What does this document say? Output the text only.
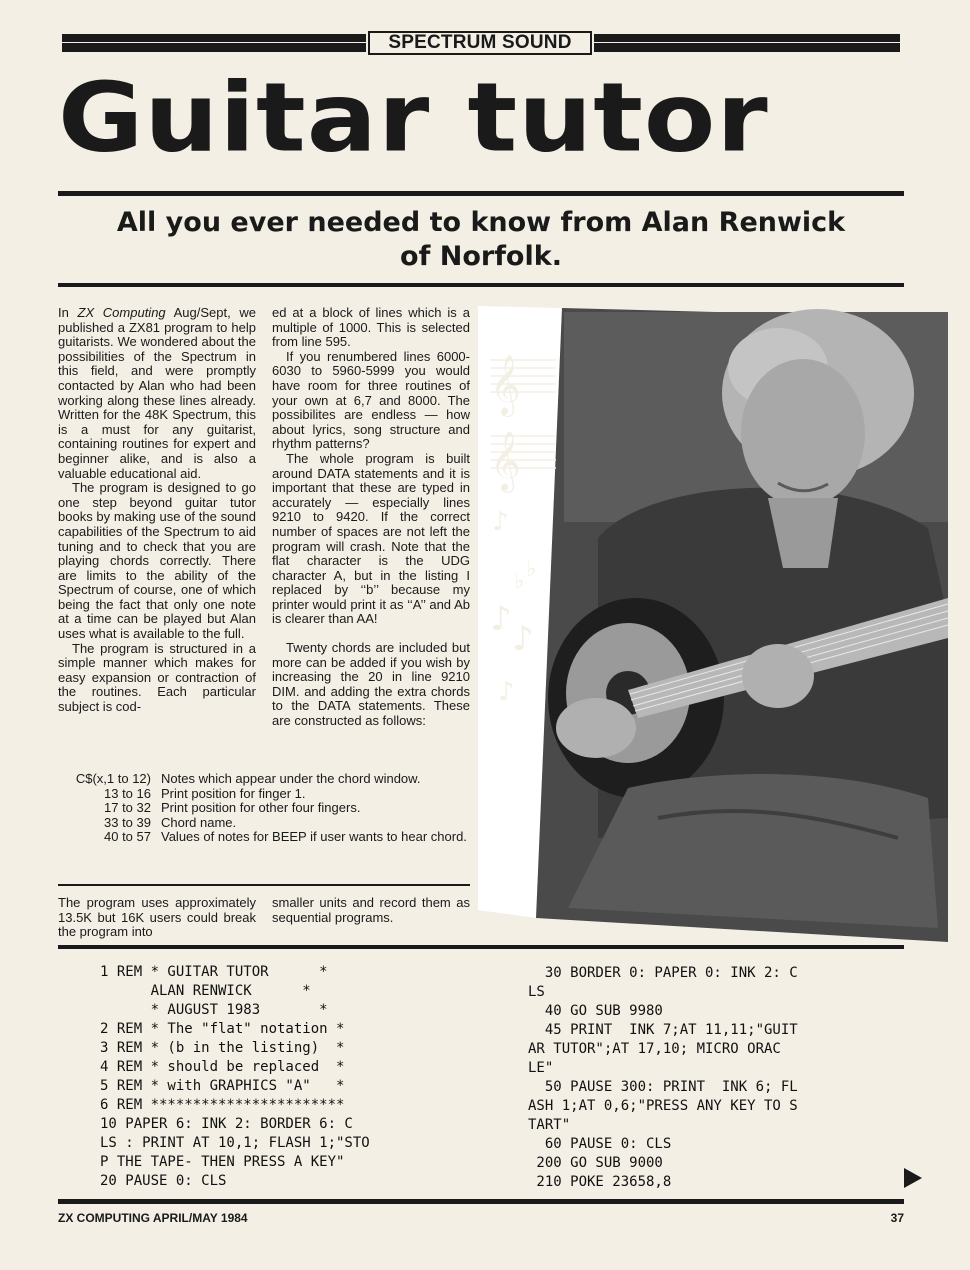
SPECTRUM SOUND
Guitar tutor
All you ever needed to know from Alan Renwick
of Norfolk.

In ZX Computing Aug/Sept, we published a ZX81 program to help guitarists. We wondered about the possibilities of the Spectrum in this field, and were promptly contacted by Alan who had been working along these lines already. Written for the 48K Spectrum, this is a must for any guitarist, containing routines for expert and beginner alike, and is also a valuable educational aid.

The program is designed to go one step beyond guitar tutor books by making use of the sound capabilities of the Spectrum to aid tuning and to check that you are playing chords correctly. There are limits to the ability of the Spectrum of course, one of which being the fact that only one note at a time can be played but Alan uses what is available to the full.

The program is structured in a simple manner which makes for easy expansion or contraction of the routines. Each particular subject is cod-

ed at a block of lines which is a multiple of 1000. This is selected from line 595.

If you renumbered lines 6000-6030 to 5960-5999 you would have room for three routines of your own at 6,7 and 8000. The possibilites are endless — how about lyrics, song structure and rhythm patterns?

The whole program is built around DATA statements and it is important that these are typed in accurately — especially lines 9210 to 9420. If the correct number of spaces are not left the program will crash. Note that the flat character is the UDG character A, but in the listing I replaced by ‘‘b’’ because my printer would print it as ‘‘A’’ and Ab is clearer than AA!

Twenty chords are included but more can be added if you wish by increasing the 20 in line 9210 DIM. and adding the extra chords to the DATA statements. These are constructed as follows:

C$(x,1 to 12)	Notes which appear under the chord window.
13 to 16	Print position for finger 1.
17 to 32	Print position for other four fingers.
33 to 39	Chord name.
40 to 57	Values of notes for BEEP if user wants to hear chord.
The program uses approximately 13.5K but 16K users could break the program into
smaller units and record them as sequential programs.
𝄞
𝄞
♪
♭ ♭
♪ ♪
♪
1 REM * GUITAR TUTOR      *
ALAN RENWICK      *
* AUGUST 1983       *
2 REM * The "flat" notation *
3 REM * (b in the listing)  *
4 REM * should be replaced  *
5 REM * with GRAPHICS "A"   *
6 REM ***********************
10 PAPER 6: INK 2: BORDER 6: C
LS : PRINT AT 10,1; FLASH 1;"STO
P THE TAPE- THEN PRESS A KEY"
20 PAUSE 0: CLS
30 BORDER 0: PAPER 0: INK 2: C
LS
40 GO SUB 9980
45 PRINT  INK 7;AT 11,11;"GUIT
AR TUTOR";AT 17,10; MICRO ORAC
LE"
50 PAUSE 300: PRINT  INK 6; FL
ASH 1;AT 0,6;"PRESS ANY KEY TO S
TART"
60 PAUSE 0: CLS
200 GO SUB 9000
210 POKE 23658,8
ZX COMPUTING APRIL/MAY 1984	37
